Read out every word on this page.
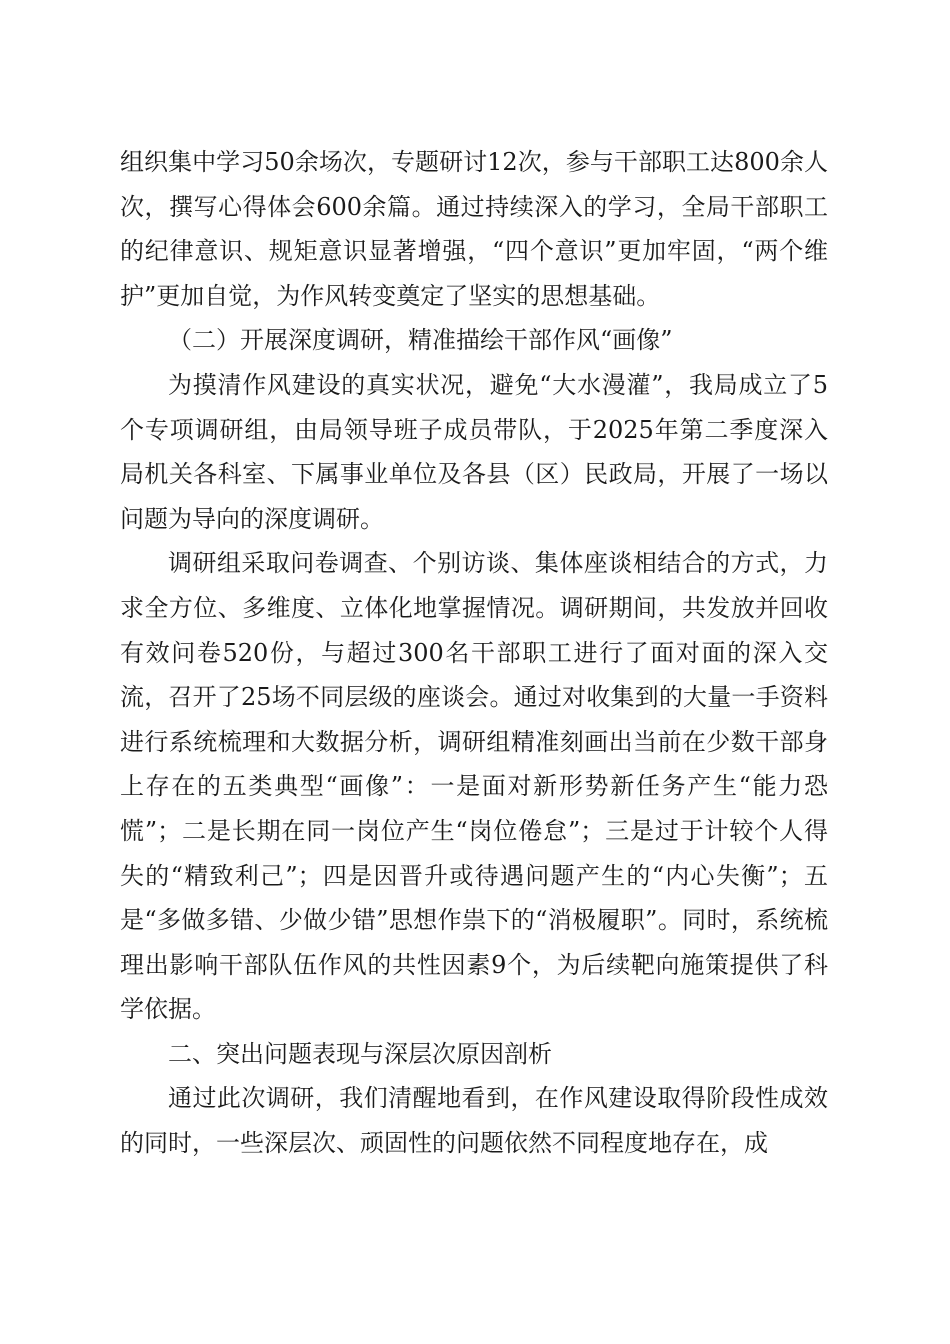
组织集中学习50余场次，专题研讨12次，参与干部职工达800余人次，撰写心得体会600余篇。通过持续深入的学习，全局干部职工的纪律意识、规矩意识显著增强，“四个意识”更加牢固，“两个维护”更加自觉，为作风转变奠定了坚实的思想基础。

（二）开展深度调研，精准描绘干部作风“画像”

为摸清作风建设的真实状况，避免“大水漫灌”，我局成立了5个专项调研组，由局领导班子成员带队，于2025年第二季度深入局机关各科室、下属事业单位及各县（区）民政局，开展了一场以问题为导向的深度调研。

调研组采取问卷调查、个别访谈、集体座谈相结合的方式，力求全方位、多维度、立体化地掌握情况。调研期间，共发放并回收有效问卷520份，与超过300名干部职工进行了面对面的深入交流，召开了25场不同层级的座谈会。通过对收集到的大量一手资料进行系统梳理和大数据分析，调研组精准刻画出当前在少数干部身上存在的五类典型“画像”：一是面对新形势新任务产生“能力恐慌”；二是长期在同一岗位产生“岗位倦怠”；三是过于计较个人得失的“精致利己”；四是因晋升或待遇问题产生的“内心失衡”；五是“多做多错、少做少错”思想作祟下的“消极履职”。同时，系统梳理出影响干部队伍作风的共性因素9个，为后续靶向施策提供了科学依据。

二、突出问题表现与深层次原因剖析

通过此次调研，我们清醒地看到，在作风建设取得阶段性成效的同时，一些深层次、顽固性的问题依然不同程度地存在，成
